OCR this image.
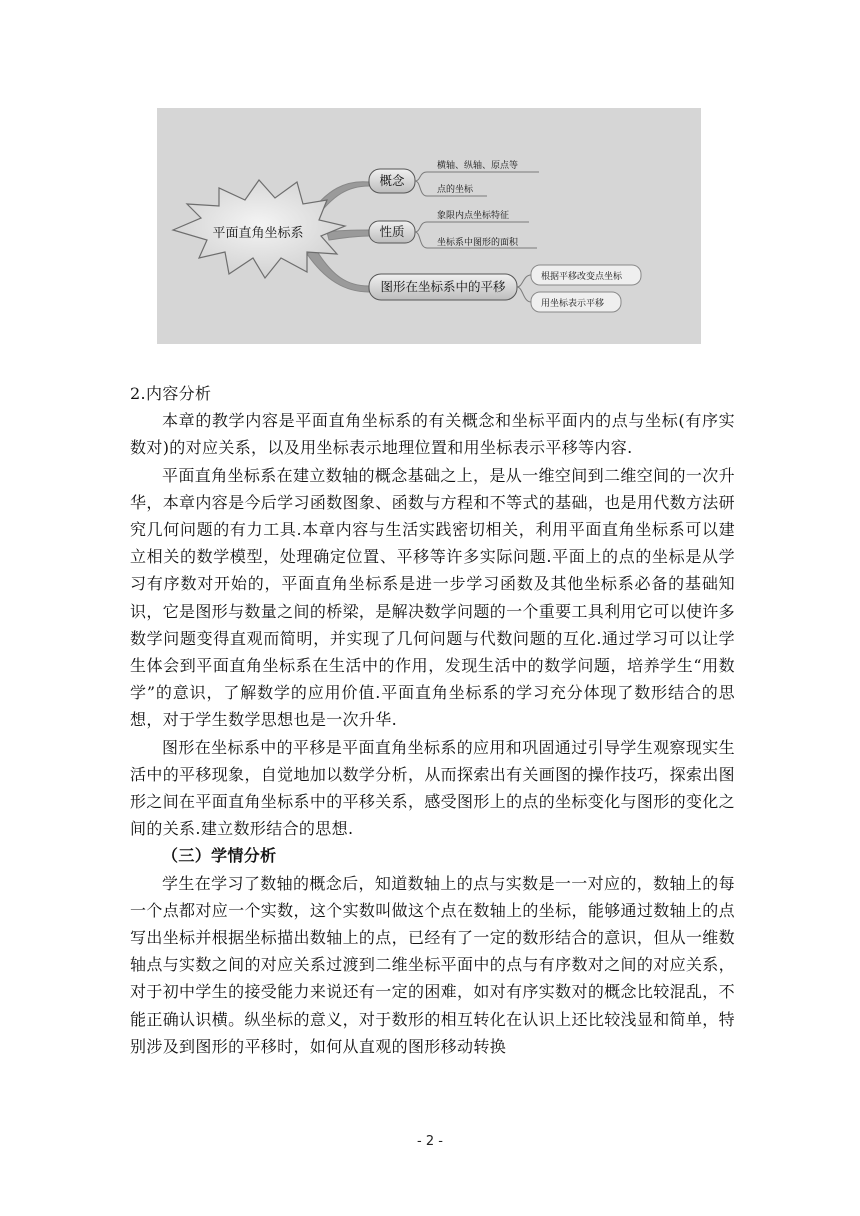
平面直角坐标系
概念
性质
图形在坐标系中的平移
横轴、纵轴、原点等
点的坐标
象限内点坐标特征
坐标系中图形的面积
根据平移改变点坐标
用坐标表示平移

2.内容分析

本章的教学内容是平面直角坐标系的有关概念和坐标平面内的点与坐标(有序实数对)的对应关系，以及用坐标表示地理位置和用坐标表示平移等内容.

平面直角坐标系在建立数轴的概念基础之上，是从一维空间到二维空间的一次升华，本章内容是今后学习函数图象、函数与方程和不等式的基础，也是用代数方法研究几何问题的有力工具.本章内容与生活实践密切相关，利用平面直角坐标系可以建立相关的数学模型，处理确定位置、平移等许多实际问题.平面上的点的坐标是从学习有序数对开始的，平面直角坐标系是进一步学习函数及其他坐标系必备的基础知识，它是图形与数量之间的桥梁，是解决数学问题的一个重要工具利用它可以使许多数学问题变得直观而简明，并实现了几何问题与代数问题的互化.通过学习可以让学生体会到平面直角坐标系在生活中的作用，发现生活中的数学问题，培养学生“用数学”的意识，了解数学的应用价值.平面直角坐标系的学习充分体现了数形结合的思想，对于学生数学思想也是一次升华.

图形在坐标系中的平移是平面直角坐标系的应用和巩固通过引导学生观察现实生活中的平移现象，自觉地加以数学分析，从而探索出有关画图的操作技巧，探索出图形之间在平面直角坐标系中的平移关系，感受图形上的点的坐标变化与图形的变化之间的关系.建立数形结合的思想.

（三）学情分析

学生在学习了数轴的概念后，知道数轴上的点与实数是一一对应的，数轴上的每一个点都对应一个实数，这个实数叫做这个点在数轴上的坐标，能够通过数轴上的点写出坐标并根据坐标描出数轴上的点，已经有了一定的数形结合的意识，但从一维数轴点与实数之间的对应关系过渡到二维坐标平面中的点与有序数对之间的对应关系，对于初中学生的接受能力来说还有一定的困难，如对有序实数对的概念比较混乱，不能正确认识横。纵坐标的意义，对于数形的相互转化在认识上还比较浅显和简单，特别涉及到图形的平移时，如何从直观的图形移动转换

- 2 -
